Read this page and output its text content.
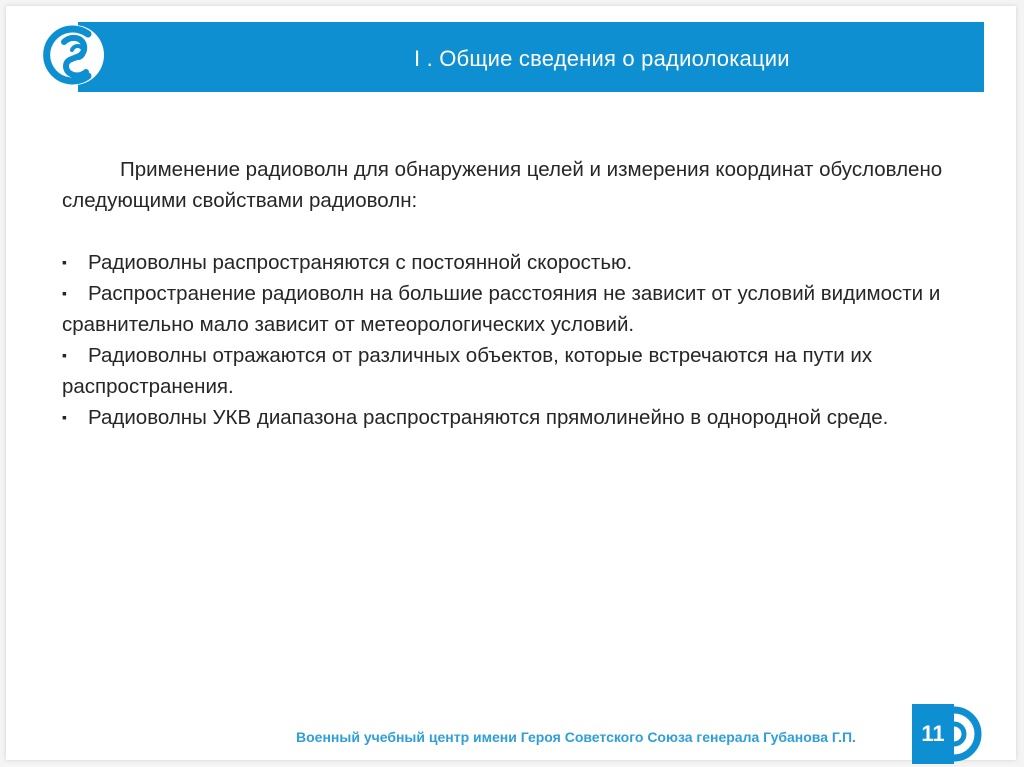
I . Общие сведения о радиолокации

Применение радиоволн для обнаружения целей и измерения координат обусловлено следующими свойствами радиоволн:

▪ Радиоволны распространяются с постоянной скоростью.

▪ Распространение радиоволн на большие расстояния не зависит от условий видимости и сравнительно мало зависит от метеорологических условий.

▪ Радиоволны отражаются от различных объектов, которые встречаются на пути их распространения.

▪ Радиоволны УКВ диапазона распространяются прямолинейно в однородной среде.

Военный учебный центр имени Героя Советского Союза генерала Губанова Г.П.	11
